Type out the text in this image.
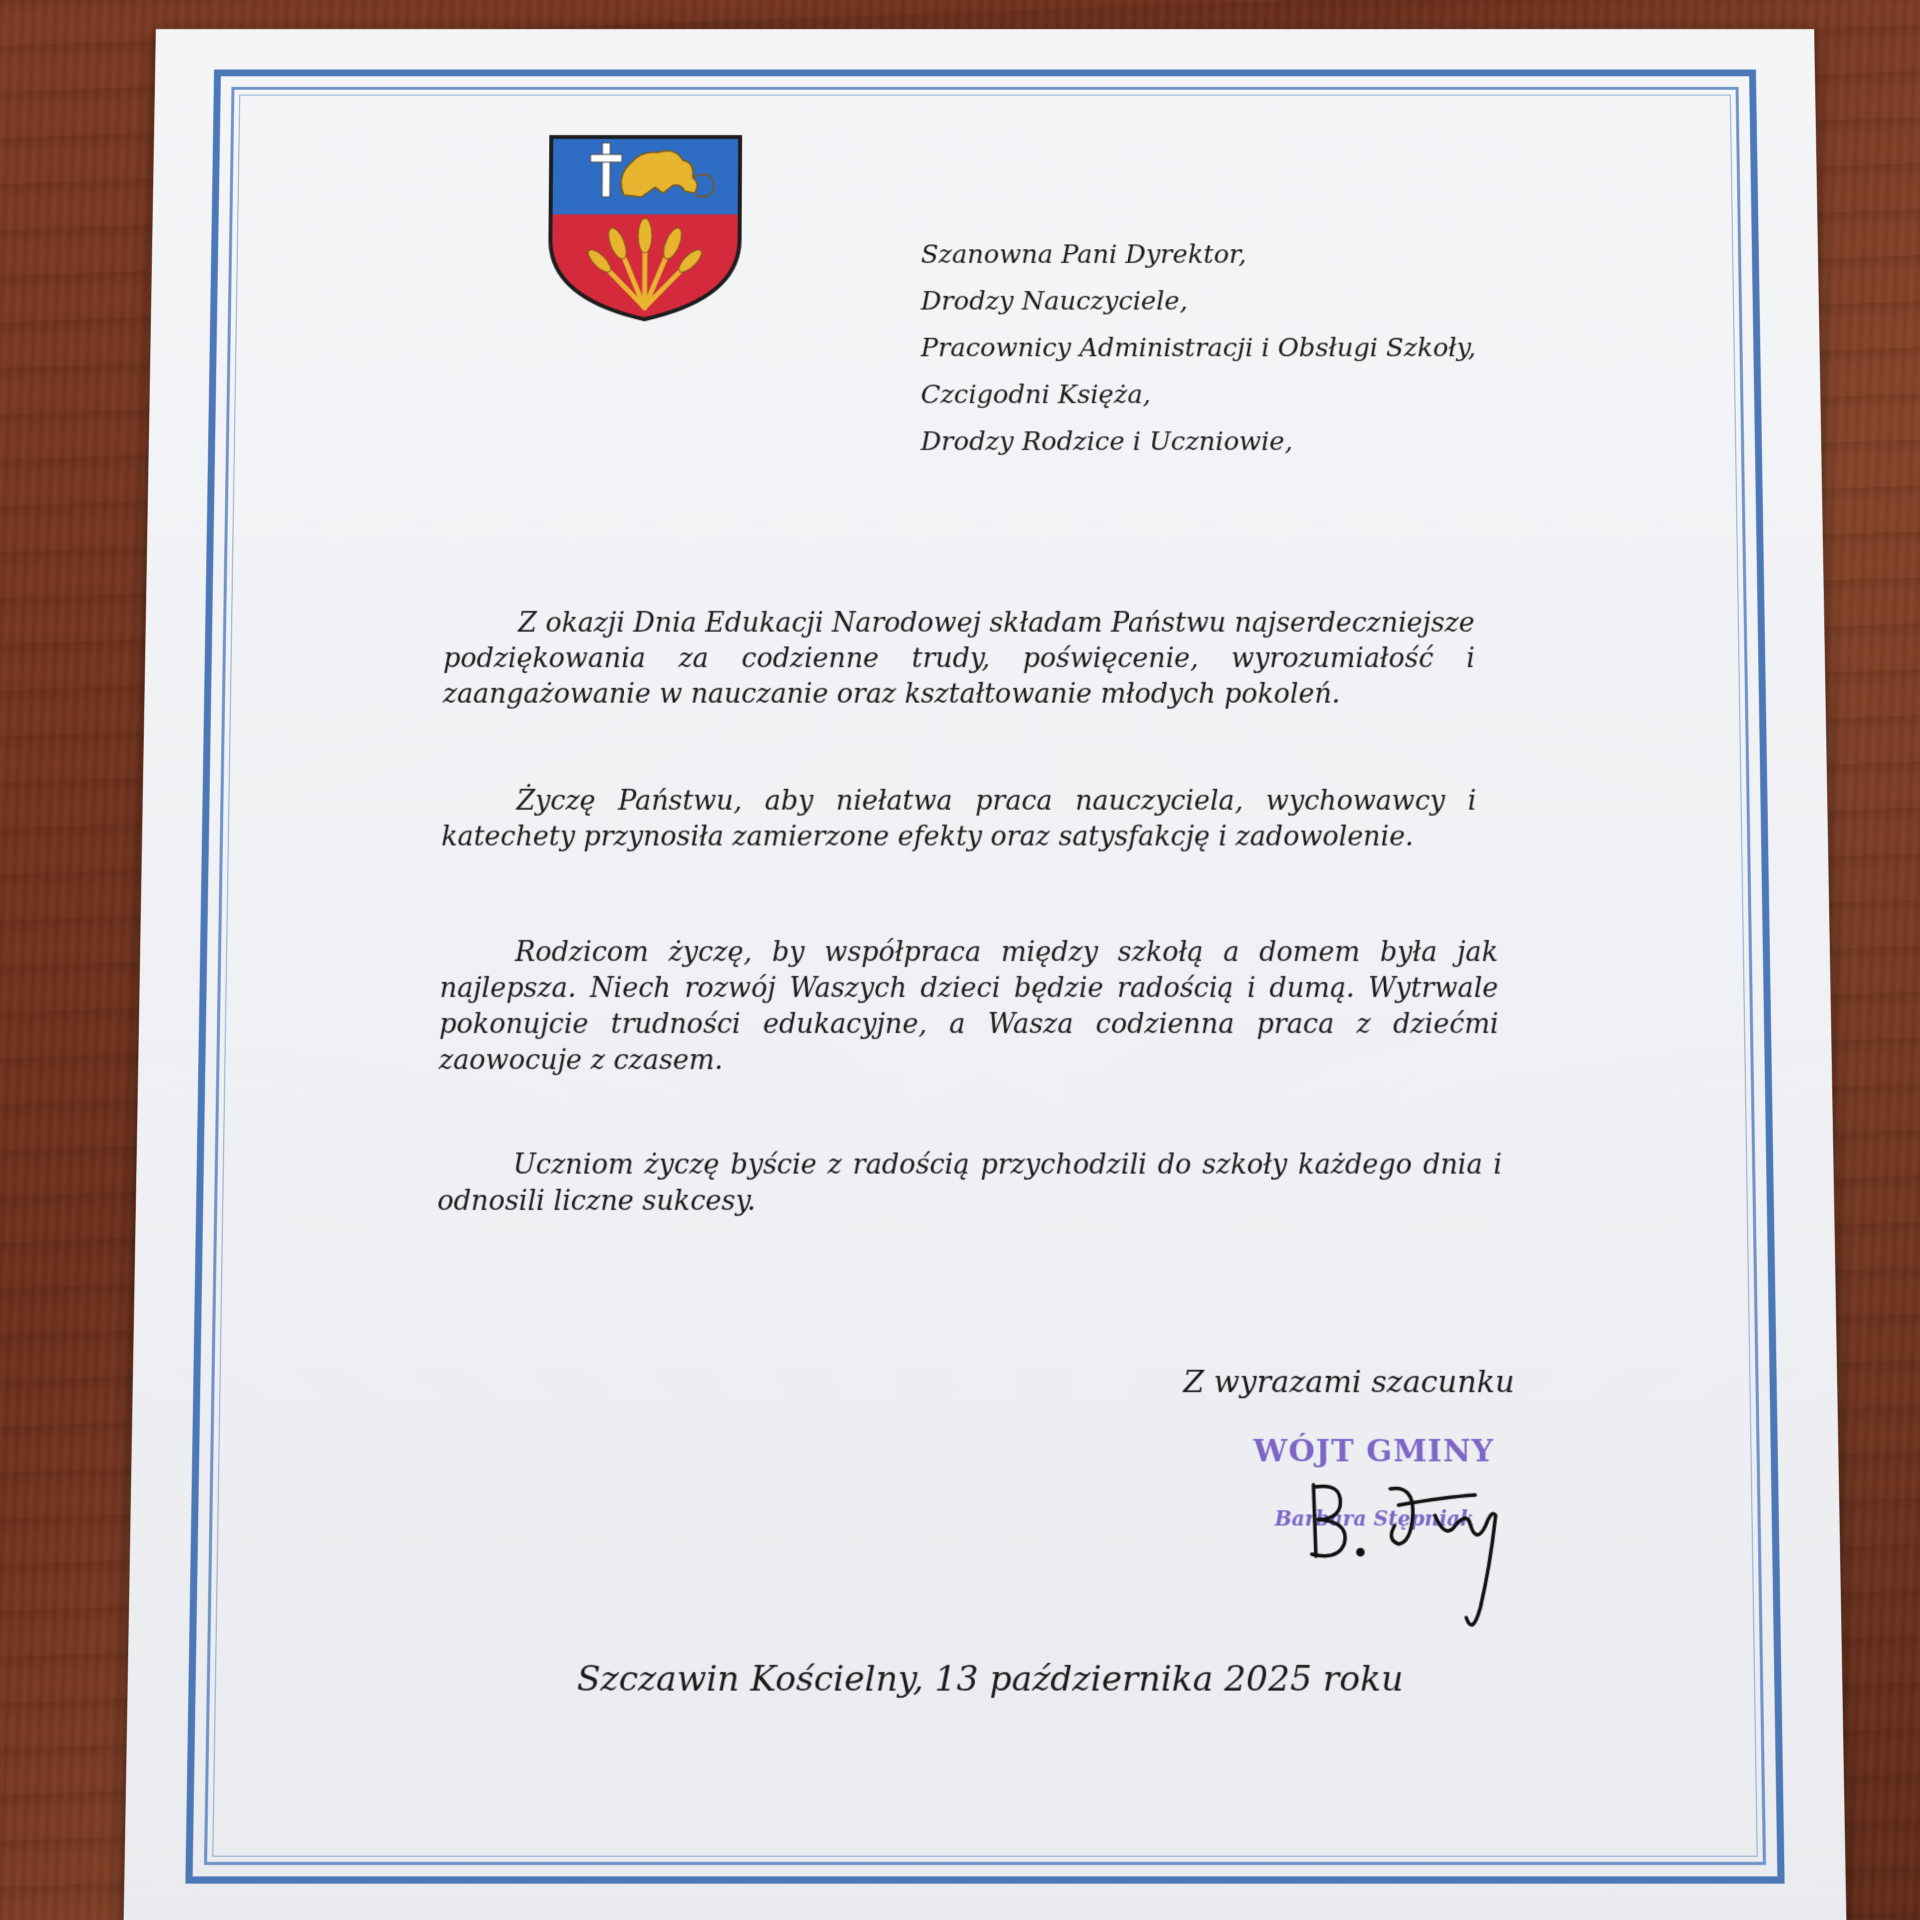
Szanowna Pani Dyrektor,
Drodzy Nauczyciele,
Pracownicy Administracji i Obsługi Szkoły,
Czcigodni Księża,
Drodzy Rodzice i Uczniowie,

Z okazji Dnia Edukacji Narodowej składam Państwu najserdeczniejsze podziękowania za codzienne trudy, poświęcenie, wyrozumiałość i zaangażowanie w nauczanie oraz kształtowanie młodych pokoleń.

Życzę Państwu, aby niełatwa praca nauczyciela, wychowawcy i katechety przynosiła zamierzone efekty oraz satysfakcję i zadowolenie.

Rodzicom życzę, by współpraca między szkołą a domem była jak najlepsza. Niech rozwój Waszych dzieci będzie radością i dumą. Wytrwale pokonujcie trudności edukacyjne, a Wasza codzienna praca z dziećmi zaowocuje z czasem.

Uczniom życzę byście z radością przychodzili do szkoły każdego dnia i odnosili liczne sukcesy.

Z wyrazami szacunku
WÓJT GMINY
Barbara Stępniak
Szczawin Kościelny, 13 października 2025 roku
